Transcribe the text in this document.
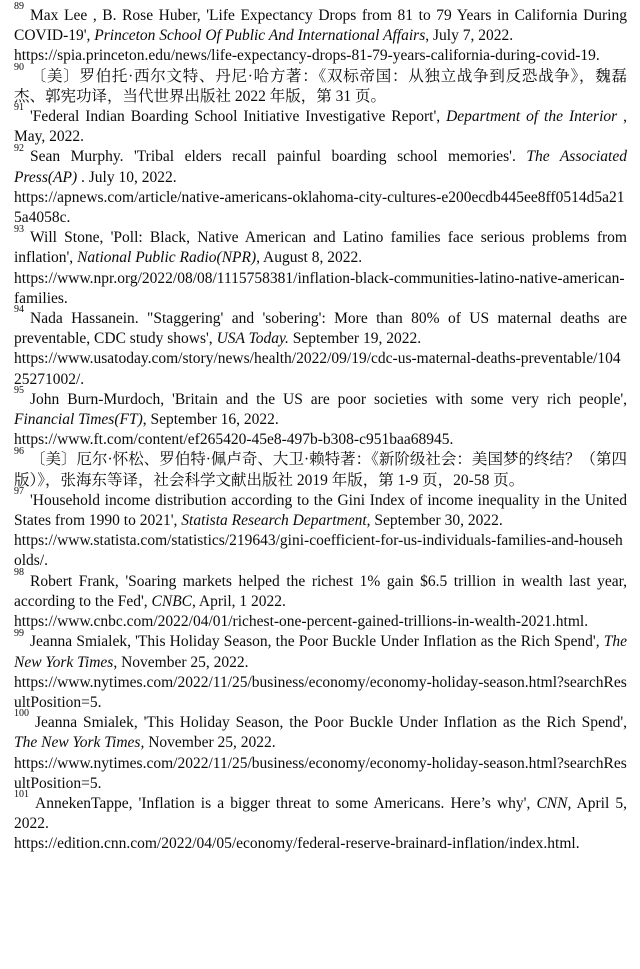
$^{89}$Max Lee , B. Rose Huber, 'Life Expectancy Drops from 81 to 79 Years in California During COVID-19', Princeton School Of Public And International Affairs, July 7, 2022.
https://spia.princeton.edu/news/life-expectancy-drops-81-79-years-california-during-covid-19.

$^{90}$〔美〕罗伯托·西尔文特、丹尼·哈方著：《双标帝国：从独立战争到反恐战争》，魏磊杰、郭宪功译，当代世界出版社 2022 年版，第 31 页。

$^{91}$'Federal Indian Boarding School Initiative Investigative Report', Department of the Interior , May, 2022.

$^{92}$Sean Murphy. 'Tribal elders recall painful boarding school memories'. The Associated Press(AP) . July 10, 2022.
https://apnews.com/article/native-americans-oklahoma-city-cultures-e200ecdb445ee8ff0514d5a215a4058c.

$^{93}$Will Stone, 'Poll: Black, Native American and Latino families face serious problems from inflation', National Public Radio(NPR), August 8, 2022.
https://www.npr.org/2022/08/08/1115758381/inflation-black-communities-latino-native-american-families.

$^{94}$Nada Hassanein. "Staggering' and 'sobering': More than 80% of US maternal deaths are preventable, CDC study shows', USA Today. September 19, 2022.
https://www.usatoday.com/story/news/health/2022/09/19/cdc-us-maternal-deaths-preventable/10425271002/.

$^{95}$John Burn-Murdoch, 'Britain and the US are poor societies with some very rich people', Financial Times(FT), September 16, 2022.
https://www.ft.com/content/ef265420-45e8-497b-b308-c951baa68945.

$^{96}$〔美〕厄尔·怀松、罗伯特·佩卢奇、大卫·赖特著：《新阶级社会：美国梦的终结？（第四版）》，张海东等译，社会科学文献出版社 2019 年版，第 1-9 页，20-58 页。

$^{97}$'Household income distribution according to the Gini Index of income inequality in the United States from 1990 to 2021', Statista Research Department, September 30, 2022.
https://www.statista.com/statistics/219643/gini-coefficient-for-us-individuals-families-and-households/.

$^{98}$Robert Frank, 'Soaring markets helped the richest 1% gain $6.5 trillion in wealth last year, according to the Fed', CNBC, April, 1 2022.
https://www.cnbc.com/2022/04/01/richest-one-percent-gained-trillions-in-wealth-2021.html.

$^{99}$Jeanna Smialek, 'This Holiday Season, the Poor Buckle Under Inflation as the Rich Spend', The New York Times, November 25, 2022.
https://www.nytimes.com/2022/11/25/business/economy/economy-holiday-season.html?searchResultPosition=5.

$^{100}$Jeanna Smialek, 'This Holiday Season, the Poor Buckle Under Inflation as the Rich Spend', The New York Times, November 25, 2022.
https://www.nytimes.com/2022/11/25/business/economy/economy-holiday-season.html?searchResultPosition=5.

$^{101}$AnnekenTappe, 'Inflation is a bigger threat to some Americans. Here’s why', CNN, April 5, 2022.
https://edition.cnn.com/2022/04/05/economy/federal-reserve-brainard-inflation/index.html.
